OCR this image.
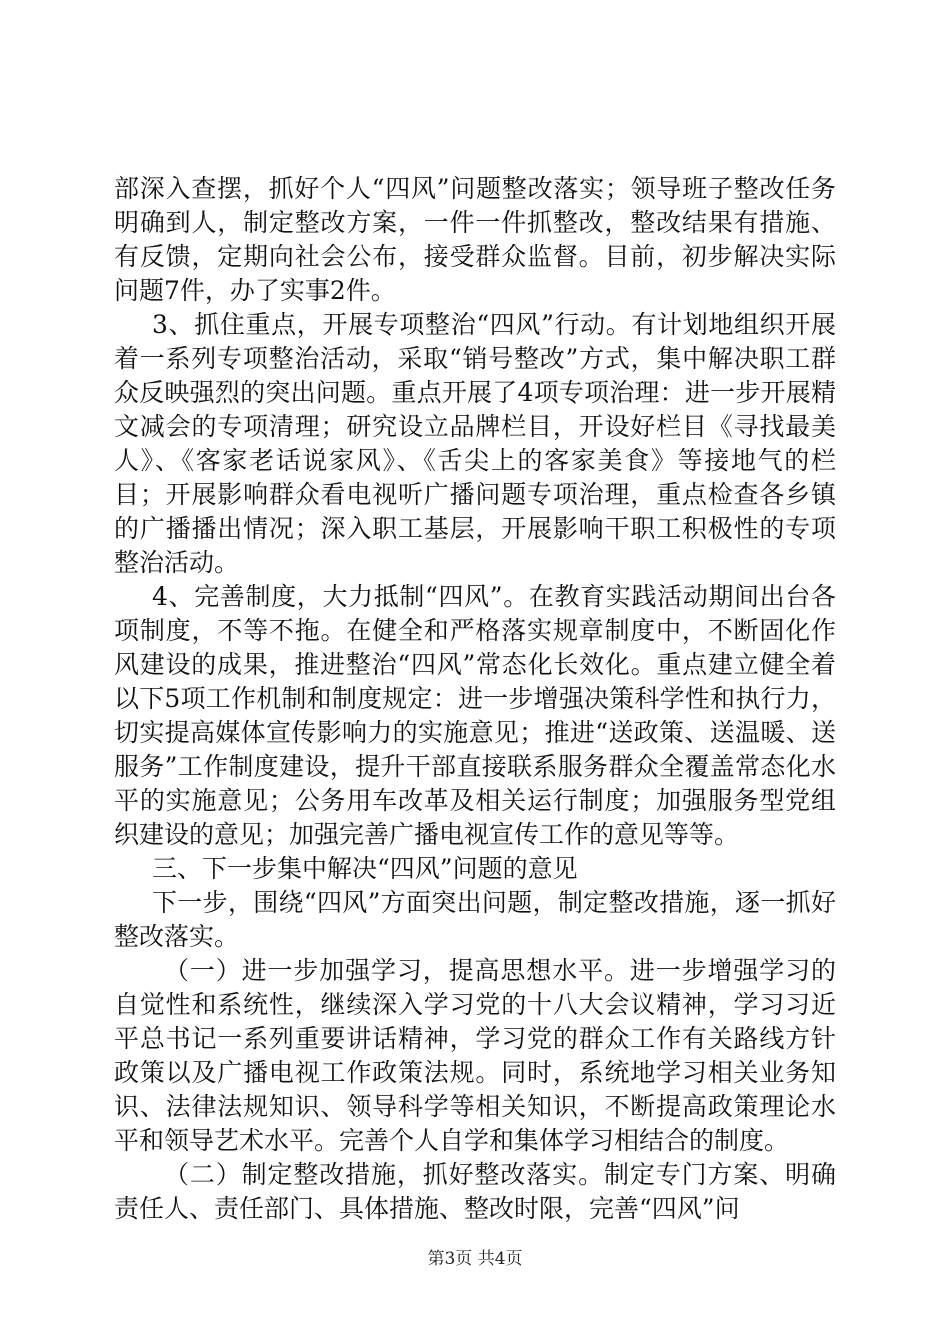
部深入查摆，抓好个人“四风”问题整改落实；领导班子整改任务明确到人，制定整改方案，一件一件抓整改，整改结果有措施、有反馈，定期向社会公布，接受群众监督。目前，初步解决实际问题7件，办了实事2件。

3、抓住重点，开展专项整治“四风”行动。有计划地组织开展着一系列专项整治活动，采取“销号整改”方式，集中解决职工群众反映强烈的突出问题。重点开展了4项专项治理：进一步开展精文减会的专项清理；研究设立品牌栏目，开设好栏目《寻找最美人》、《客家老话说家风》、《舌尖上的客家美食》等接地气的栏目；开展影响群众看电视听广播问题专项治理，重点检查各乡镇的广播播出情况；深入职工基层，开展影响干职工积极性的专项整治活动。

4、完善制度，大力抵制“四风”。在教育实践活动期间出台各项制度，不等不拖。在健全和严格落实规章制度中，不断固化作风建设的成果，推进整治“四风”常态化长效化。重点建立健全着以下5项工作机制和制度规定：进一步增强决策科学性和执行力，切实提高媒体宣传影响力的实施意见；推进“送政策、送温暖、送服务”工作制度建设，提升干部直接联系服务群众全覆盖常态化水平的实施意见；公务用车改革及相关运行制度；加强服务型党组织建设的意见；加强完善广播电视宣传工作的意见等等。

三、下一步集中解决“四风”问题的意见

下一步，围绕“四风”方面突出问题，制定整改措施，逐一抓好整改落实。

（一）进一步加强学习，提高思想水平。进一步增强学习的自觉性和系统性，继续深入学习党的十八大会议精神，学习习近平总书记一系列重要讲话精神，学习党的群众工作有关路线方针政策以及广播电视工作政策法规。同时，系统地学习相关业务知识、法律法规知识、领导科学等相关知识，不断提高政策理论水平和领导艺术水平。完善个人自学和集体学习相结合的制度。

（二）制定整改措施，抓好整改落实。制定专门方案、明确责任人、责任部门、具体措施、整改时限，完善“四风”问

第3页 共4页
